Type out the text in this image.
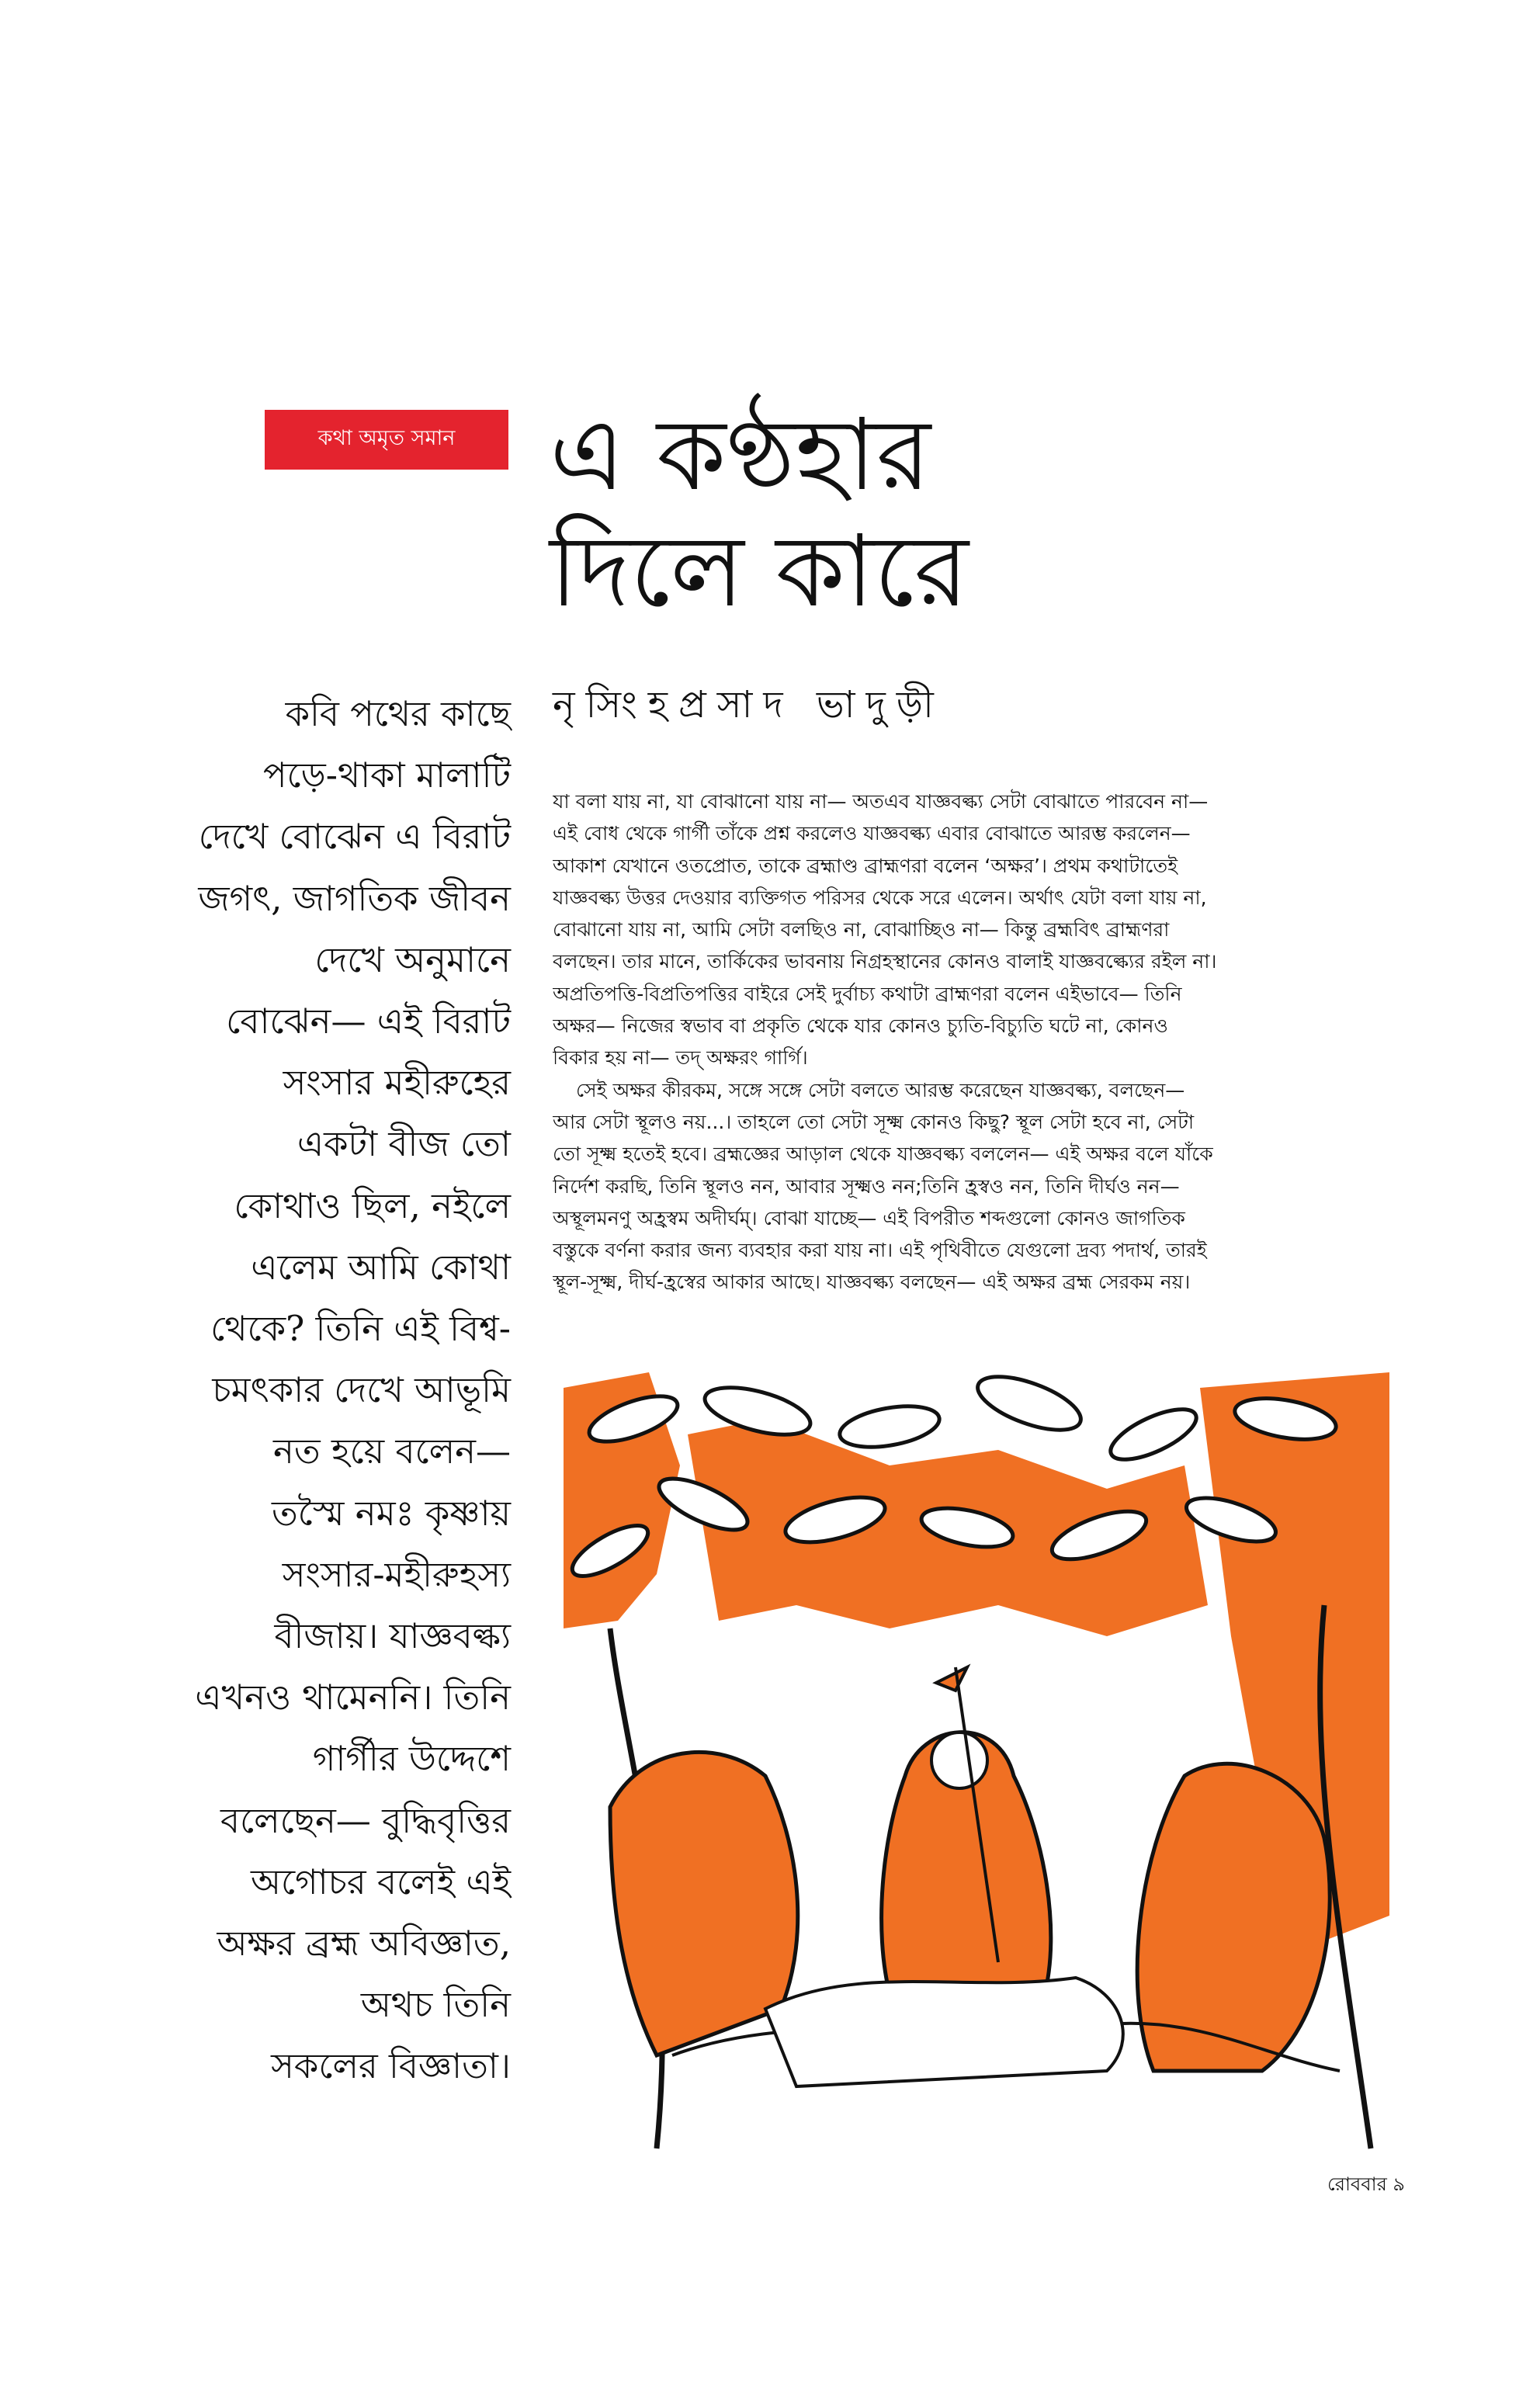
কথা অমৃত সমান এ কণ্ঠহার
দিলে কারে
নৃসিংহপ্রসাদ ভাদুড়ী
কবি পথের কাছে
পড়ে-থাকা মালাটি
দেখে বোঝেন এ বিরাট
জগৎ, জাগতিক জীবন
দেখে অনুমানে
বোঝেন— এই বিরাট
সংসার মহীরুহের
একটা বীজ তো
কোথাও ছিল, নইলে
এলেম আমি কোথা
থেকে? তিনি এই বিশ্ব-
চমৎকার দেখে আভূমি
নত হয়ে বলেন—
তস্মৈ নমঃ কৃষ্ণায়
সংসার-মহীরুহস্য
বীজায়। যাজ্ঞবল্ক্য
এখনও থামেননি। তিনি
গার্গীর উদ্দেশে
বলেছেন— বুদ্ধিবৃত্তির
অগোচর বলেই এই
অক্ষর ব্রহ্ম অবিজ্ঞাত,
অথচ তিনি
সকলের বিজ্ঞাতা।
যা বলা যায় না, যা বোঝানো যায় না— অতএব যাজ্ঞবল্ক্য সেটা বোঝাতে পারবেন না—
এই বোধ থেকে গার্গী তাঁকে প্রশ্ন করলেও যাজ্ঞবল্ক্য এবার বোঝাতে আরম্ভ করলেন—
আকাশ যেখানে ওতপ্রোত, তাকে ব্রহ্মাণ্ড ব্রাহ্মণরা বলেন ‘অক্ষর’। প্রথম কথাটাতেই
যাজ্ঞবল্ক্য উত্তর দেওয়ার ব্যক্তিগত পরিসর থেকে সরে এলেন। অর্থাৎ যেটা বলা যায় না,
বোঝানো যায় না, আমি সেটা বলছিও না, বোঝাচ্ছিও না— কিন্তু ব্রহ্মবিৎ ব্রাহ্মণরা
বলছেন। তার মানে, তার্কিকের ভাবনায় নিগ্রহস্থানের কোনও বালাই যাজ্ঞবল্ক্যের রইল না।
অপ্রতিপত্তি-বিপ্রতিপত্তির বাইরে সেই দুর্বাচ্য কথাটা ব্রাহ্মণরা বলেন এইভাবে— তিনি
অক্ষর— নিজের স্বভাব বা প্রকৃতি থেকে যার কোনও চ্যুতি-বিচ্যুতি ঘটে না, কোনও
বিকার হয় না— তদ্ অক্ষরং গার্গি।
সেই অক্ষর কীরকম, সঙ্গে সঙ্গে সেটা বলতে আরম্ভ করেছেন যাজ্ঞবল্ক্য, বলছেন—
আর সেটা স্থূলও নয়...। তাহলে তো সেটা সূক্ষ্ম কোনও কিছু? স্থূল সেটা হবে না, সেটা
তো সূক্ষ্ম হতেই হবে। ব্রহ্মজ্ঞের আড়াল থেকে যাজ্ঞবল্ক্য বললেন— এই অক্ষর বলে যাঁকে
নির্দেশ করছি, তিনি স্থূলও নন, আবার সূক্ষ্মও নন;তিনি হ্রস্বও নন, তিনি দীর্ঘও নন—
অস্থূলমনণু অহ্রস্বম অদীর্ঘম্। বোঝা যাচ্ছে— এই বিপরীত শব্দগুলো কোনও জাগতিক
বস্তুকে বর্ণনা করার জন্য ব্যবহার করা যায় না। এই পৃথিবীতে যেগুলো দ্রব্য পদার্থ, তারই
স্থূল-সূক্ষ্ম, দীর্ঘ-হ্রস্বের আকার আছে। যাজ্ঞবল্ক্য বলছেন— এই অক্ষর ব্রহ্ম সেরকম নয়।
রোববার ৯
